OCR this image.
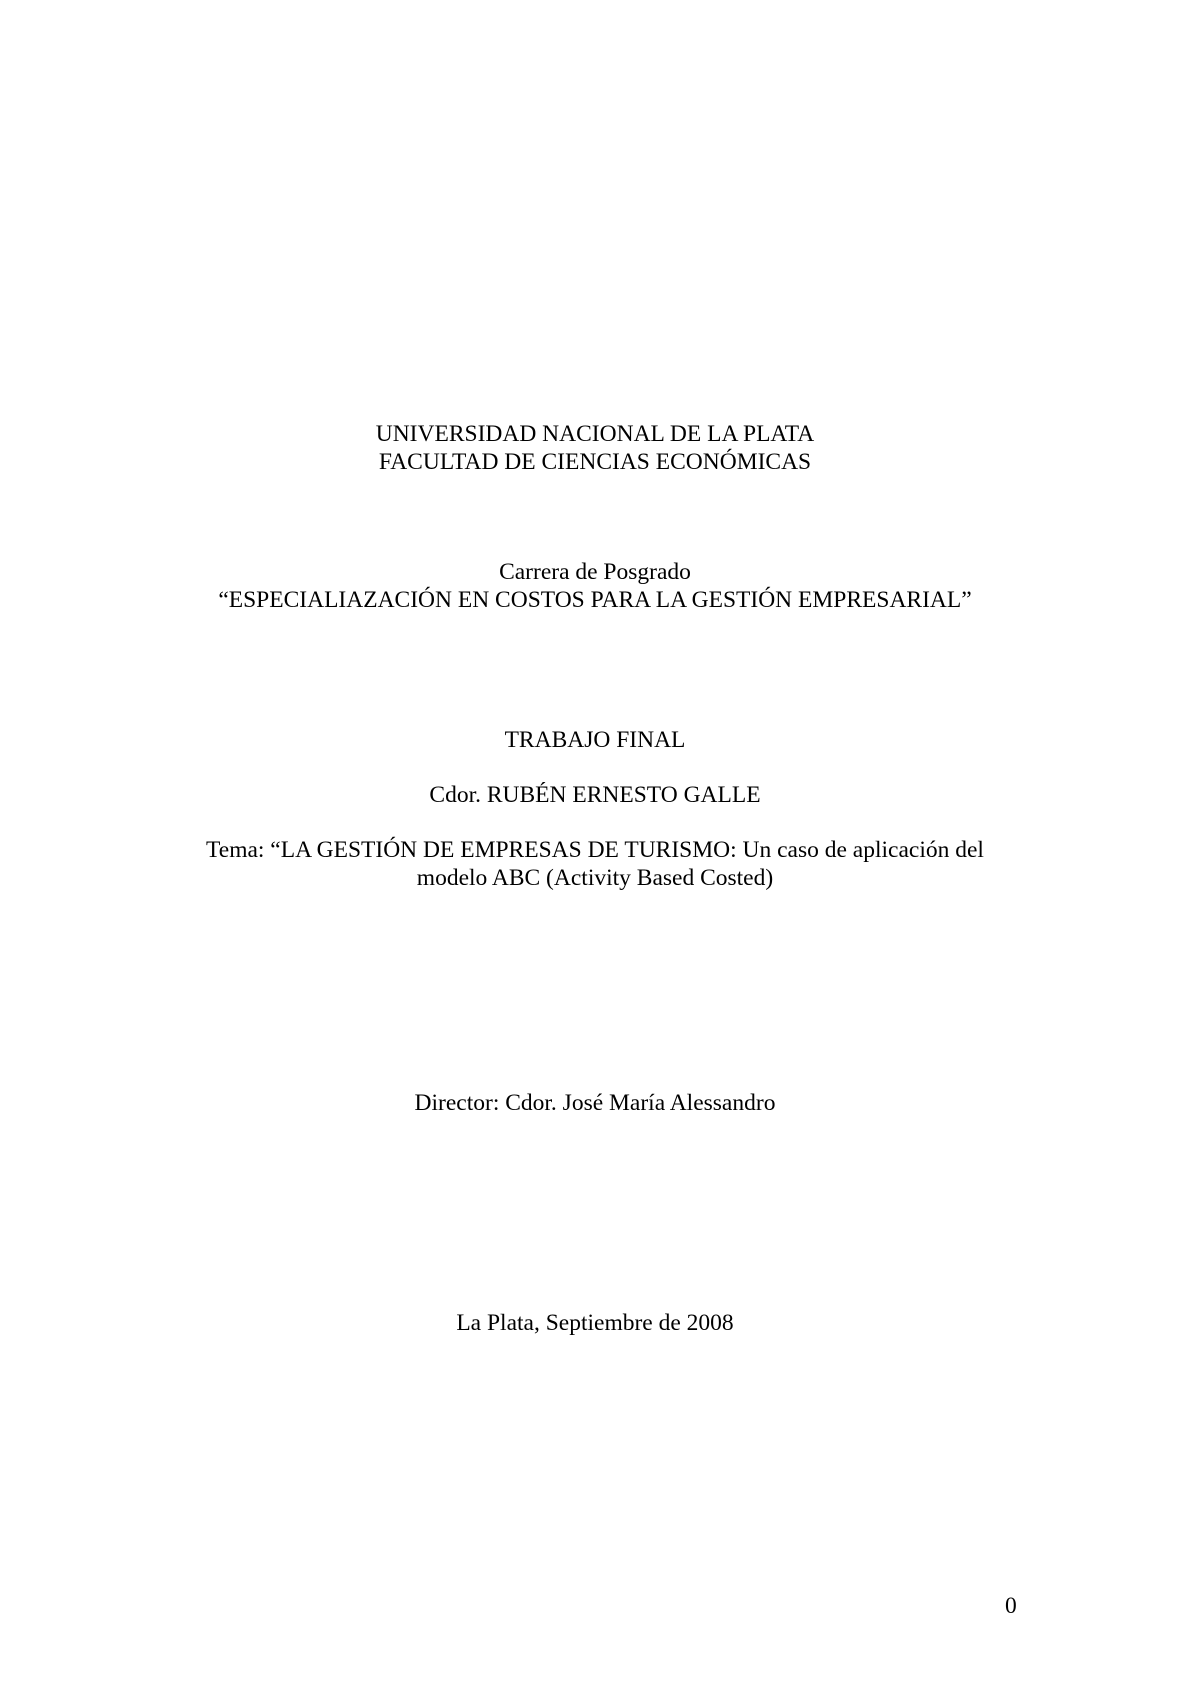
UNIVERSIDAD NACIONAL DE LA PLATA
FACULTAD DE CIENCIAS ECONÓMICAS
Carrera de Posgrado
“ESPECIALIAZACIÓN EN COSTOS PARA LA GESTIÓN EMPRESARIAL”
TRABAJO FINAL
Cdor. RUBÉN ERNESTO GALLE
Tema: “LA GESTIÓN DE EMPRESAS DE TURISMO: Un caso de aplicación del
modelo ABC (Activity Based Costed)
Director: Cdor. José María Alessandro
La Plata, Septiembre de 2008
0
